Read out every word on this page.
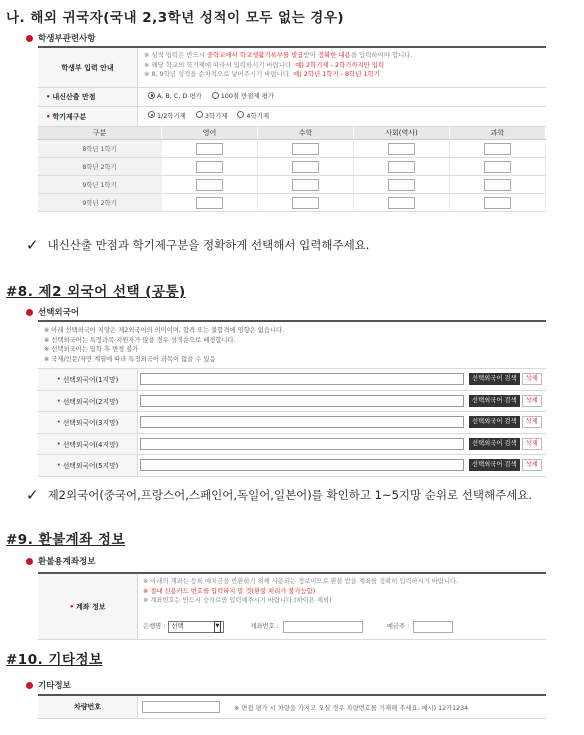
나. 해외 귀국자(국내 2,3학년 성적이 모두 없는 경우)
학생부관련사항
학생부 입력 안내
※ 성적 입력은 반드시 중학교에서 학교생활기록부를 발급받아 정확한 내용을 입력하여야 합니다.
※ 해당 학교의 학기제에 따라서 입력하시기 바랍니다. 예) 2학기제 - 2학기까지만 입력
※ 8, 9학년 성적을 순차적으로 넣어주시기 바랍니다. 예) 2학년 1학기 - 8학년 1학기
• 내신산출 만점	A, B, C, D 평가	100점 만점제 평가
• 학기제구분	1/2학기제	3학기제	4학기제
구분	영어	수학	사회(역사)	과학
8학년 1학기
8학년 2학기
9학년 1학기
9학년 2학기
✓ 내신산출 만점과 학기제구분을 정확하게 선택해서 입력해주세요.
#8. 제2 외국어 선택 (공통)
선택외국어
※ 아래 선택외국어 지망은 제2외국어의 의미이며, 합격 또는 불합격에 영향은 없습니다.
※ 선택외국어는 특정과목 지원자가 많을 경우 성적순으로 배정합니다.
※ 선택외국어는 입학 후 변경 불가
※ 국제/인문/자연 계열에 따라 특정외국어 과목이 없을 수 있음
• 선택외국어(1지망)	선택외국어 검색	삭제
• 선택외국어(2지망)	선택외국어 검색	삭제
• 선택외국어(3지망)	선택외국어 검색	삭제
• 선택외국어(4지망)	선택외국어 검색	삭제
• 선택외국어(5지망)	선택외국어 검색	삭제
✓ 제2외국어(중국어,프랑스어,스페인어,독일어,일본어)를 확인하고 1~5지망 순위로 선택해주세요.
#9. 환불계좌 정보
환불용계좌정보
• 계좌 정보
※ 아래의 계좌는 등록 예치금을 반환하기 위해 사용되는 정보이므로 환불 받을 계좌를 정확히 입력하시기 바랍니다.
※ 절대 신용카드 번호를 입력하지 말 것(환불 처리가 불가능함)
※ 계좌번호는 반드시 숫자로만 입력해주시기 바랍니다.(하이픈 제외)
은행명 : 선택	▼	계좌번호 :	예금주 :
#10. 기타정보
기타정보
차량번호	※ 면접 평가 시 차량을 가지고 오실 경우 차량번호를 기재해 주세요. 예시) 12가1234
